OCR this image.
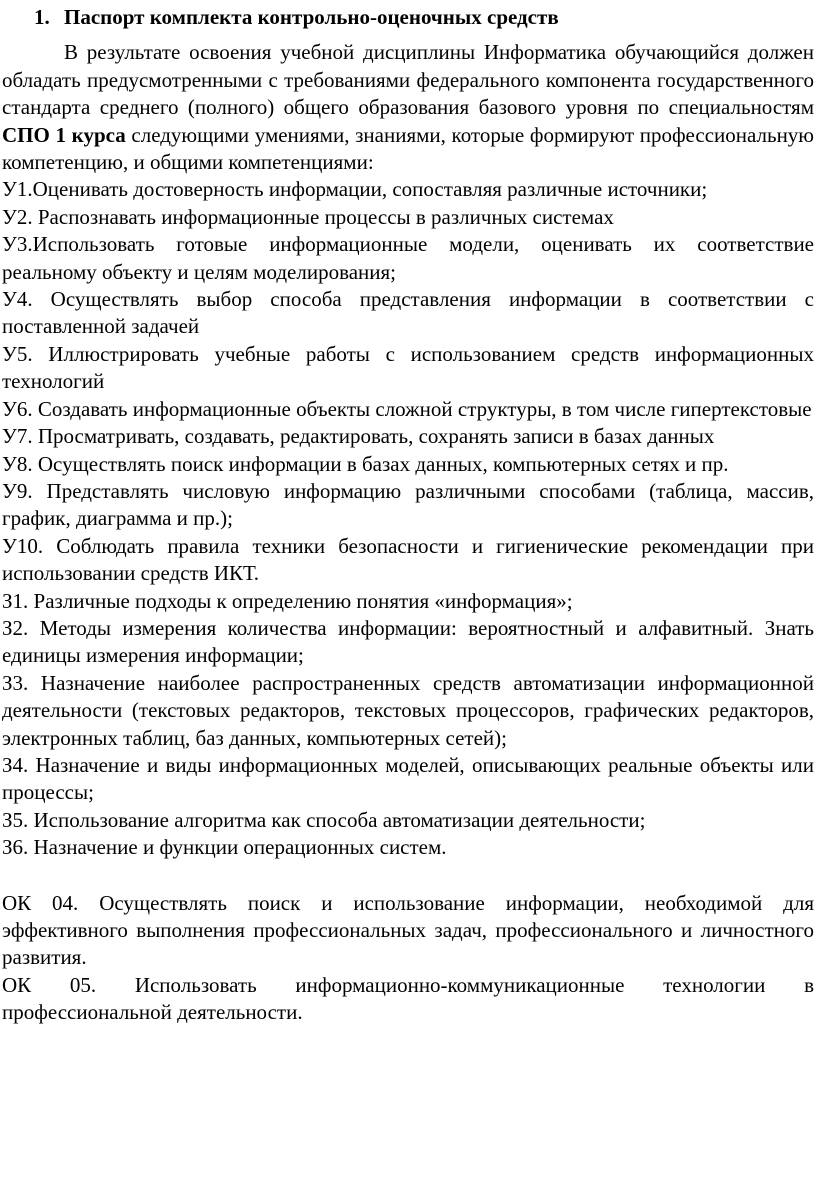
1. Паспорт комплекта контрольно-оценочных средств

В результате освоения учебной дисциплины Информатика обучающийся должен обладать предусмотренными с требованиями федерального компонента государственного стандарта среднего (полного) общего образования базового уровня по специальностям СПО 1 курса следующими умениями, знаниями, которые формируют профессиональную компетенцию, и общими компетенциями:

У1.Оценивать достоверность информации, сопоставляя различные источники;

У2. Распознавать информационные процессы в различных системах

У3.Использовать готовые информационные модели, оценивать их соответствие реальному объекту и целям моделирования;

У4. Осуществлять выбор способа представления информации в соответствии с поставленной задачей

У5. Иллюстрировать учебные работы с использованием средств информационных технологий

У6. Создавать информационные объекты сложной структуры, в том числе гипертекстовые

У7. Просматривать, создавать, редактировать, сохранять записи в базах данных

У8. Осуществлять поиск информации в базах данных, компьютерных сетях и пр.

У9. Представлять числовую информацию различными способами (таблица, массив, график, диаграмма и пр.);

У10. Соблюдать правила техники безопасности и гигиенические рекомендации при использовании средств ИКТ.

З1. Различные подходы к определению понятия «информация»;

З2. Методы измерения количества информации: вероятностный и алфавитный. Знать единицы измерения информации;

З3. Назначение наиболее распространенных средств автоматизации информационной деятельности (текстовых редакторов, текстовых процессоров, графических редакторов, электронных таблиц, баз данных, компьютерных сетей);

З4. Назначение и виды информационных моделей, описывающих реальные объекты или процессы;

З5. Использование алгоритма как способа автоматизации деятельности;

З6. Назначение и функции операционных систем.

ОК 04. Осуществлять поиск и использование информации, необходимой для эффективного выполнения профессиональных задач, профессионального и личностного развития.

ОК 05. Использовать информационно-коммуникационные технологии в профессиональной деятельности.
